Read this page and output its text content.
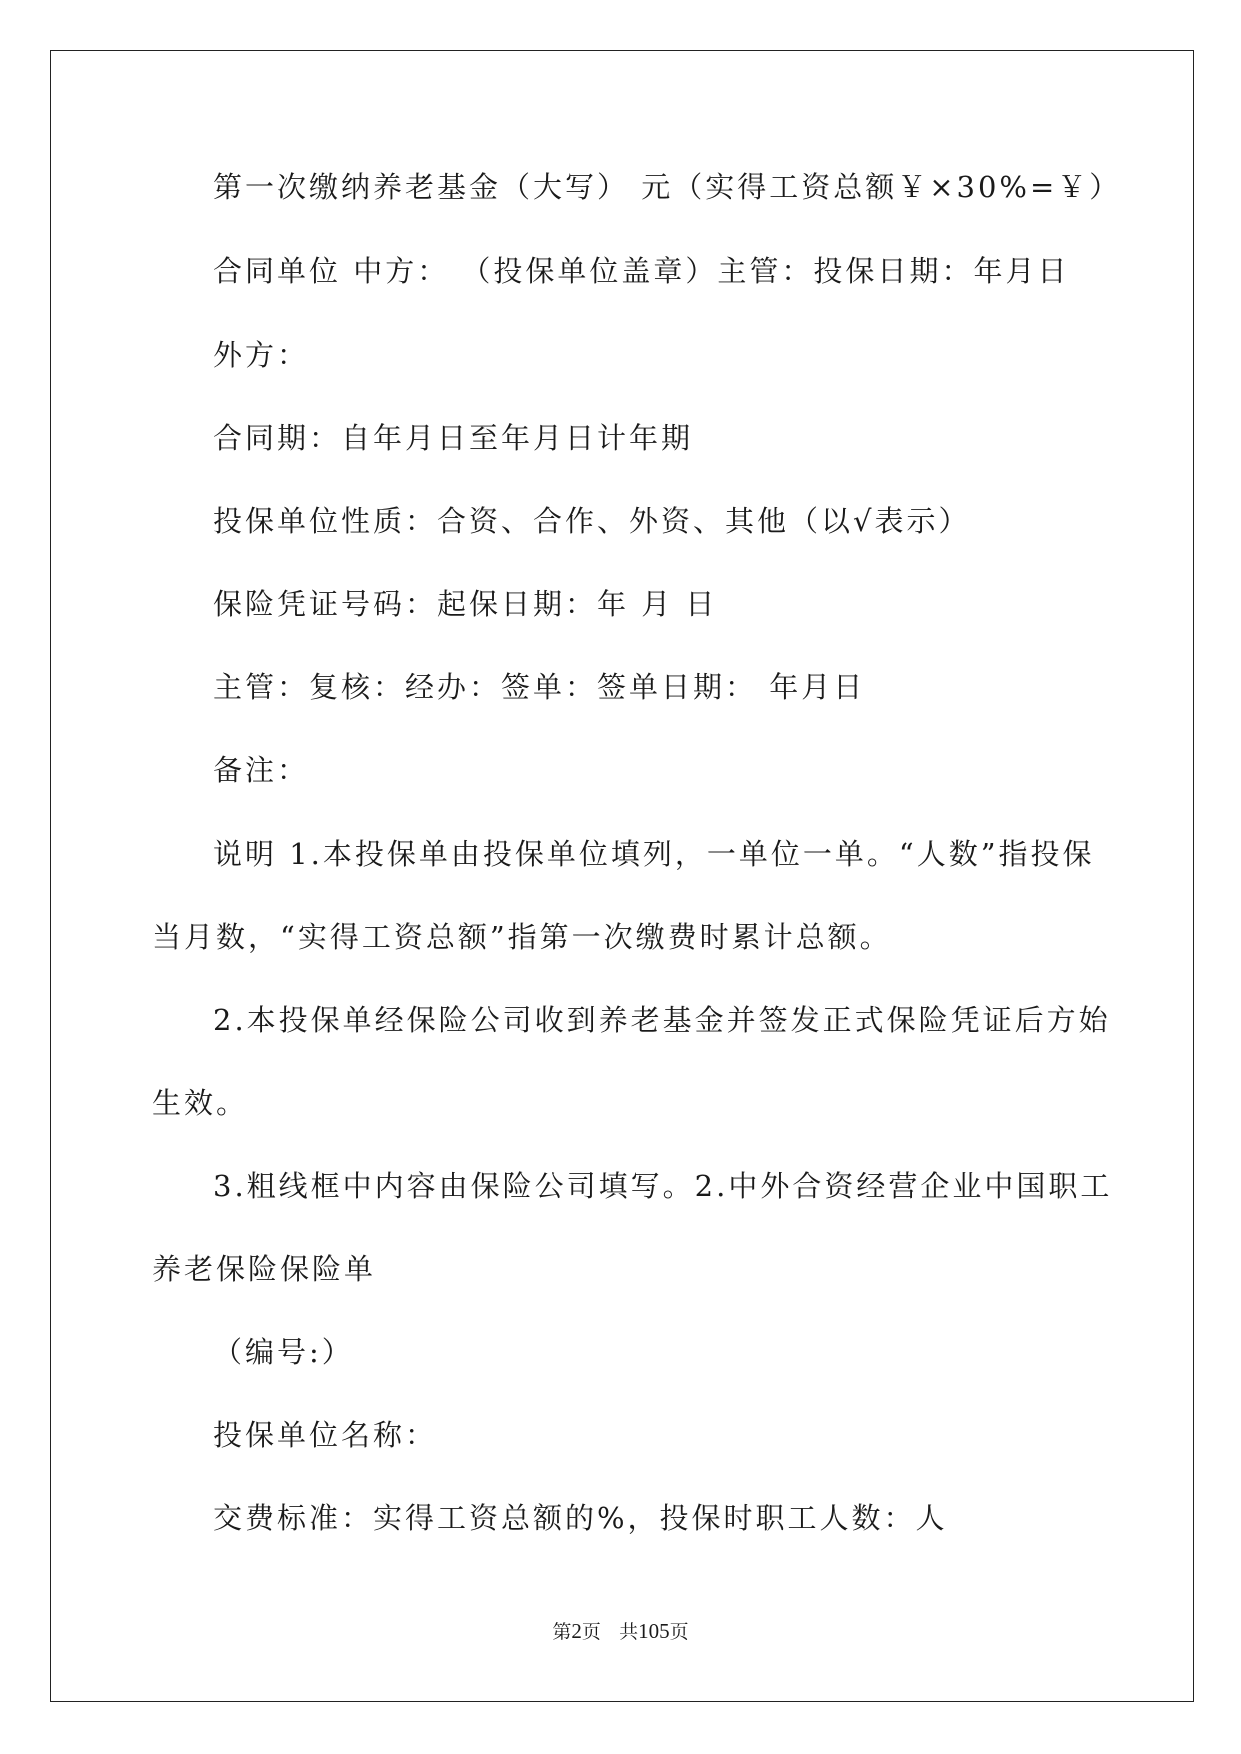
第一次缴纳养老基金（大写） 元（实得工资总额￥×30%=￥）
合同单位 中方： （投保单位盖章）主管：投保日期：年月日
外方：
合同期：自年月日至年月日计年期
投保单位性质：合资、合作、外资、其他（以√表示）
保险凭证号码：起保日期：年 月 日
主管：复核：经办：签单：签单日期： 年月日
备注：
说明 1.本投保单由投保单位填列，一单位一单。“人数”指投保
当月数，“实得工资总额”指第一次缴费时累计总额。
2.本投保单经保险公司收到养老基金并签发正式保险凭证后方始
生效。
3.粗线框中内容由保险公司填写。2.中外合资经营企业中国职工
养老保险保险单
（编号:）
投保单位名称：
交费标准：实得工资总额的%，投保时职工人数：人
第2页 共105页
